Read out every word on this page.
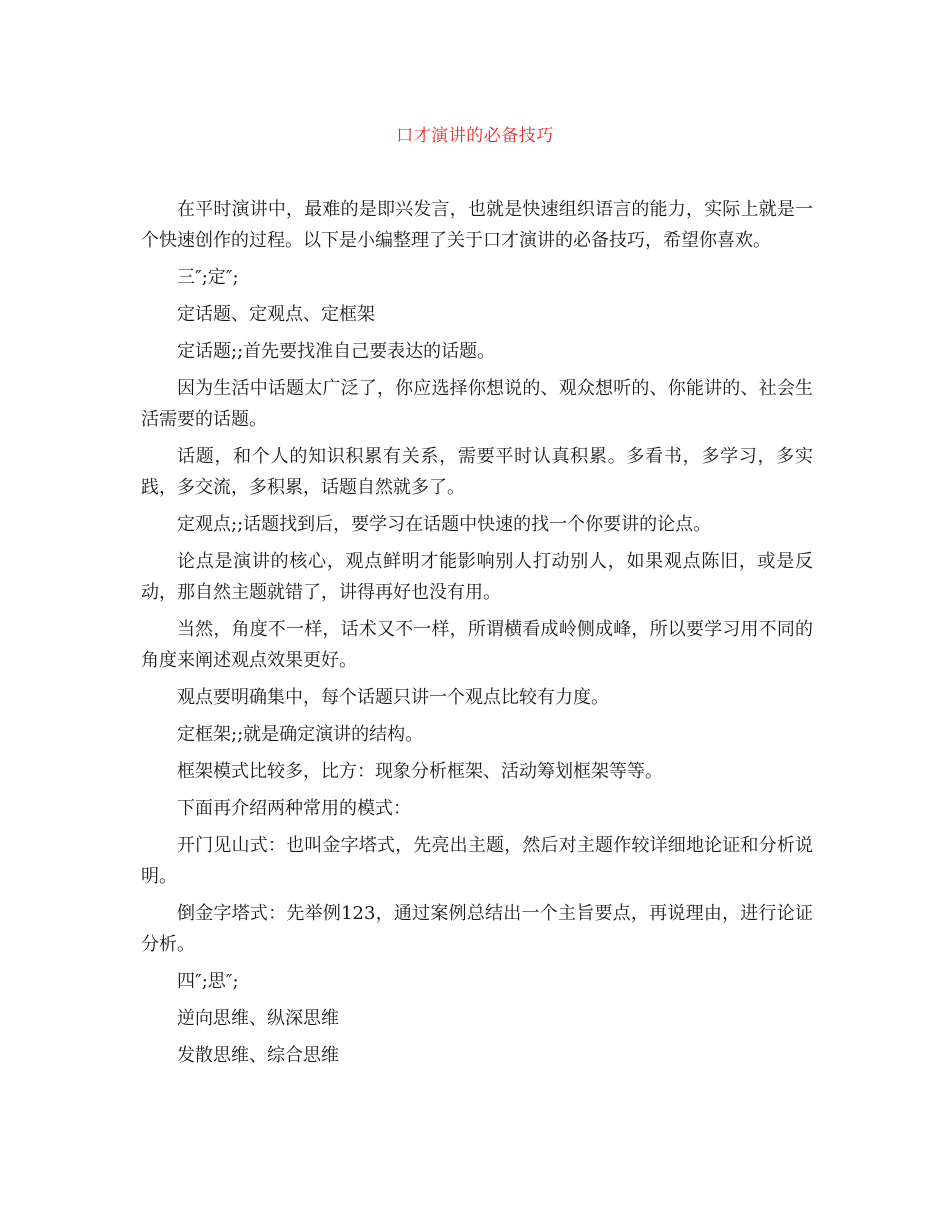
口才演讲的必备技巧

在平时演讲中，最难的是即兴发言，也就是快速组织语言的能力，实际上就是一个快速创作的过程。以下是小编整理了关于口才演讲的必备技巧，希望你喜欢。

三″;定″;

定话题、定观点、定框架

定话题;;首先要找准自己要表达的话题。

因为生活中话题太广泛了，你应选择你想说的、观众想听的、你能讲的、社会生活需要的话题。

话题，和个人的知识积累有关系，需要平时认真积累。多看书，多学习，多实践，多交流，多积累，话题自然就多了。

定观点;;话题找到后，要学习在话题中快速的找一个你要讲的论点。

论点是演讲的核心，观点鲜明才能影响别人打动别人，如果观点陈旧，或是反动，那自然主题就错了，讲得再好也没有用。

当然，角度不一样，话术又不一样，所谓横看成岭侧成峰，所以要学习用不同的角度来阐述观点效果更好。

观点要明确集中，每个话题只讲一个观点比较有力度。

定框架;;就是确定演讲的结构。

框架模式比较多，比方：现象分析框架、活动筹划框架等等。

下面再介绍两种常用的模式：

开门见山式：也叫金字塔式，先亮出主题，然后对主题作较详细地论证和分析说明。

倒金字塔式：先举例123，通过案例总结出一个主旨要点，再说理由，进行论证分析。

四″;思″;

逆向思维、纵深思维

发散思维、综合思维
